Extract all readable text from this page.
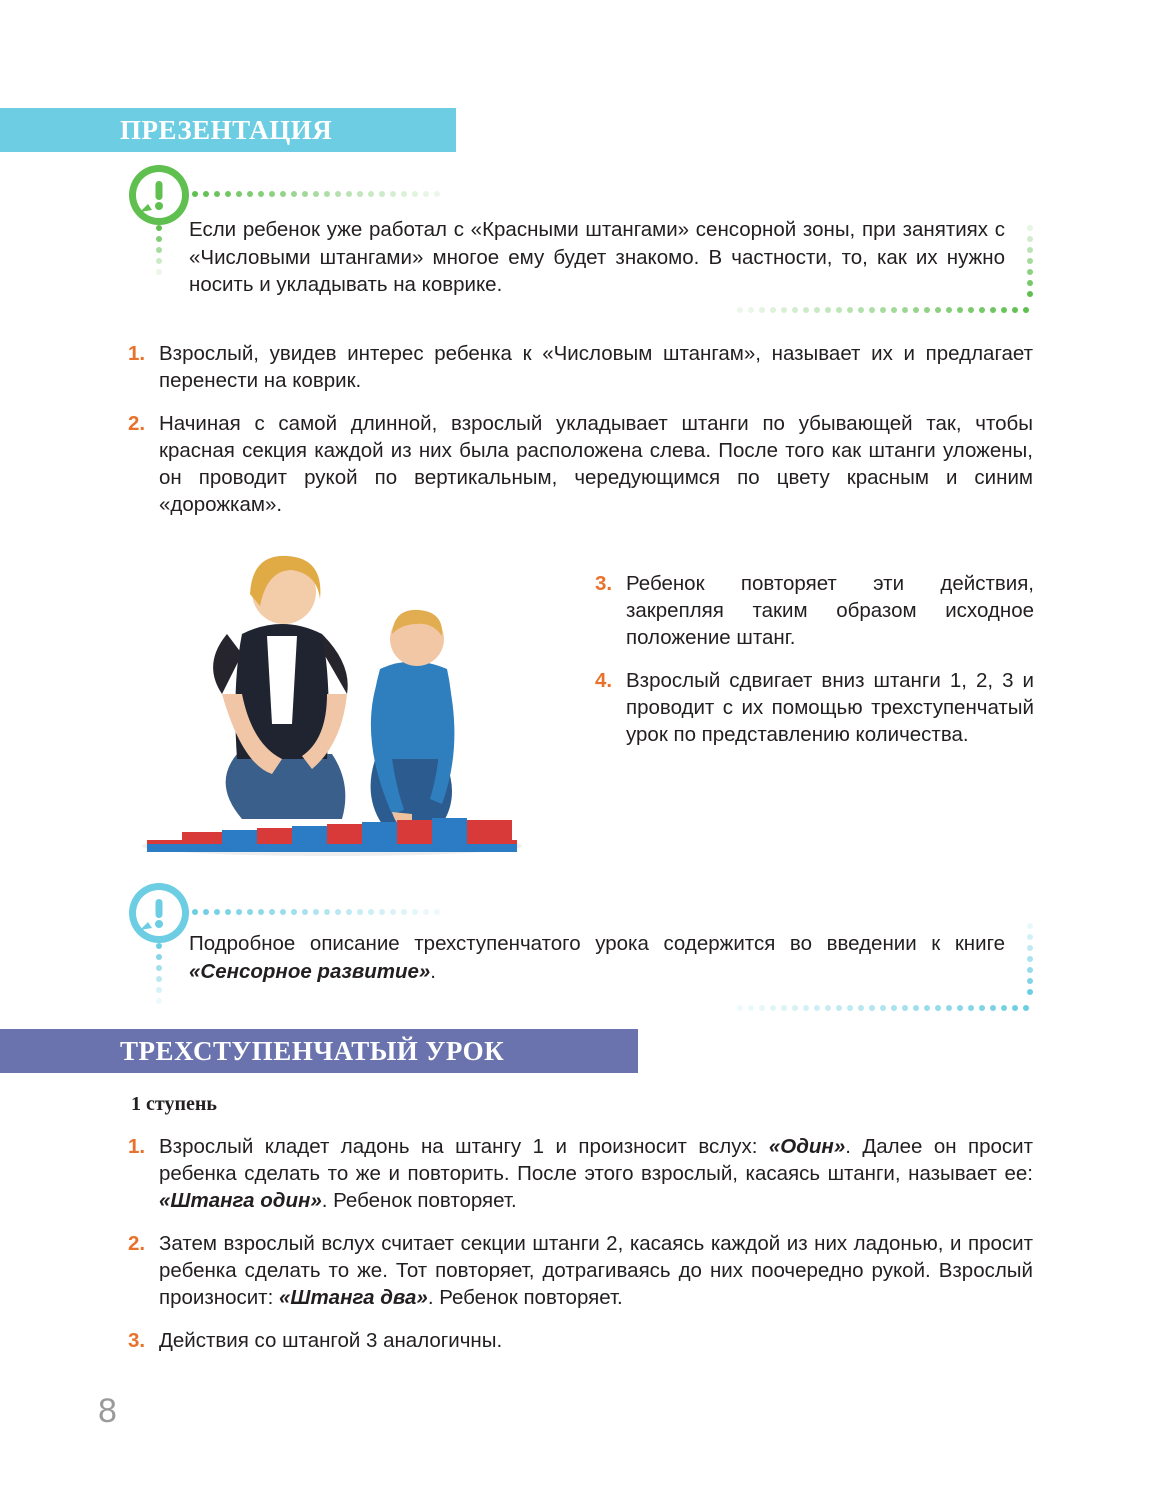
ПРЕЗЕНТАЦИЯ
Если ребенок уже работал с «Красными штангами» сенсорной зоны, при занятиях с «Числовыми штангами» многое ему будет знакомо. В частности, то, как их нужно носить и укладывать на коврике.
1. Взрослый, увидев интерес ребенка к «Числовым штангам», называет их и предлагает перенести на коврик.
2. Начиная с самой длинной, взрослый укладывает штанги по убывающей так, чтобы красная секция каждой из них была расположена слева. После того как штанги уложены, он проводит рукой по вертикальным, чередующимся по цвету красным и синим «дорожкам».
3. Ребенок повторяет эти действия, закрепляя таким образом исходное положение штанг.
4. Взрослый сдвигает вниз штанги 1, 2, 3 и проводит с их помощью трехступенчатый урок по представлению количества.
Подробное описание трехступенчатого урока содержится во введении к книге «Сенсорное развитие».
ТРЕХСТУПЕНЧАТЫЙ УРОК
1 ступень
1. Взрослый кладет ладонь на штангу 1 и произносит вслух: «Один». Далее он просит ребенка сделать то же и повторить. После этого взрослый, касаясь штанги, называет ее: «Штанга один». Ребенок повторяет.
2. Затем взрослый вслух считает секции штанги 2, касаясь каждой из них ладонью, и просит ребенка сделать то же. Тот повторяет, дотрагиваясь до них поочередно рукой. Взрослый произносит: «Штанга два». Ребенок повторяет.
3. Действия со штангой 3 аналогичны.
8
